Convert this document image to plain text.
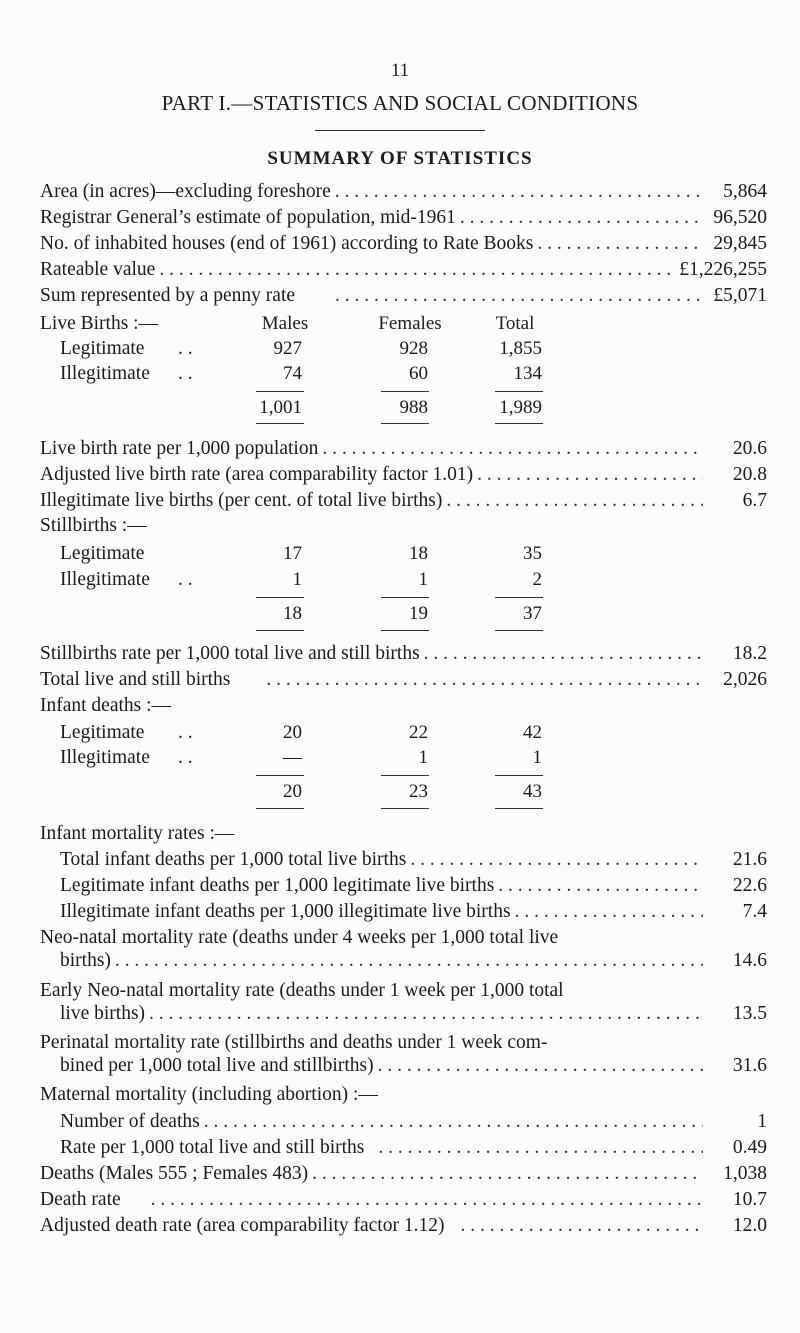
11
PART I.—STATISTICS AND SOCIAL CONDITIONS
SUMMARY OF STATISTICS
Area (in acres)—excluding foreshore . . .	5,864
Registrar General’s estimate of population, mid-1961 . . .	96,520
No. of inhabited houses (end of 1961) according to Rate Books . . .	29,845
Rateable value . . .	£1,226,255
Sum represented by a penny rate . . .	£5,071
Live Births :—	Males	Females	Total
Legitimate . .	927	928	1,855
Illegitimate . .	74	60	134
1,001	988	1,989
Live birth rate per 1,000 population . . .	20.6
Adjusted live birth rate (area comparability factor 1.01) . . .	20.8
Illegitimate live births (per cent. of total live births) . . .	6.7
Stillbirths :—
Legitimate	17	18	35
Illegitimate . .	1	1	2
18	19	37
Stillbirths rate per 1,000 total live and still births . . .	18.2
Total live and still births . . .	2,026
Infant deaths :—
Legitimate . .	20	22	42
Illegitimate . .	—	1	1
20	23	43
Infant mortality rates :—
Total infant deaths per 1,000 total live births . . .	21.6
Legitimate infant deaths per 1,000 legitimate live births . . .	22.6
Illegitimate infant deaths per 1,000 illegitimate live births . . .	7.4
Neo-natal mortality rate (deaths under 4 weeks per 1,000 total live
births) . . .	14.6
Early Neo-natal mortality rate (deaths under 1 week per 1,000 total
live births) . . .	13.5
Perinatal mortality rate (stillbirths and deaths under 1 week com-
bined per 1,000 total live and stillbirths) . . .	31.6
Maternal mortality (including abortion) :—
Number of deaths . . .	1
Rate per 1,000 total live and still births . . .	0.49
Deaths (Males 555 ; Females 483) . . .	1,038
Death rate . . .	10.7
Adjusted death rate (area comparability factor 1.12) . . .	12.0
